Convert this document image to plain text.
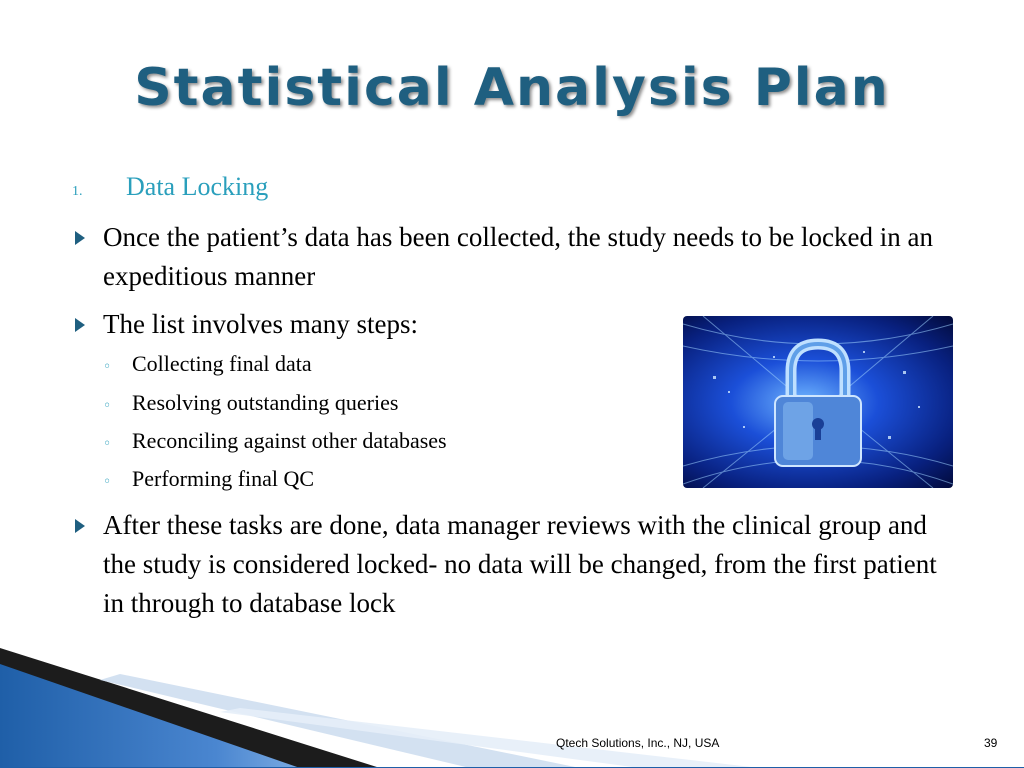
Statistical Analysis Plan
1.	Data Locking
Once the patient’s data has been collected, the study needs to be locked in an expeditious manner
The list involves many steps:
◦ Collecting final data
◦ Resolving outstanding queries
◦ Reconciling against other databases
◦ Performing final QC
After these tasks are done, data manager reviews with the clinical group and the study is considered locked- no data will be changed, from the first patient in through to database lock
Qtech Solutions, Inc., NJ, USA	39
